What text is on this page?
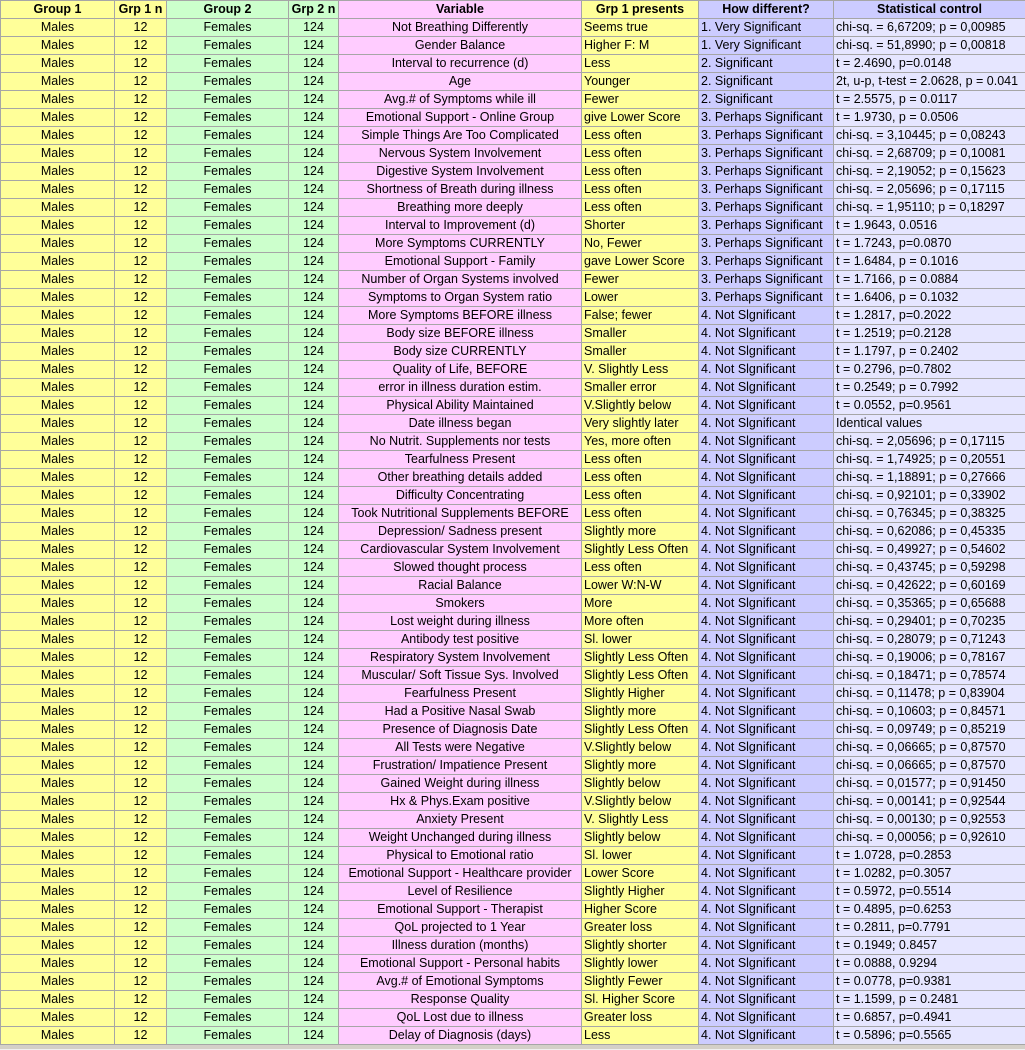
Group 1	Grp 1 n	Group 2	Grp 2 n	Variable	Grp 1 presents	How different?	Statistical control
Males	12	Females	124	Not Breathing Differently	Seems true	1. Very Significant	chi-sq. = 6,67209; p = 0,00985
Males	12	Females	124	Gender Balance	Higher F: M	1. Very Significant	chi-sq. = 51,8990; p = 0,00818
Males	12	Females	124	Interval to recurrence (d)	Less	2. Significant	t = 2.4690, p=0.0148
Males	12	Females	124	Age	Younger	2. Significant	2t, u-p, t-test = 2.0628, p = 0.041
Males	12	Females	124	Avg.# of Symptoms while ill	Fewer	2. Significant	t = 2.5575, p = 0.0117
Males	12	Females	124	Emotional Support - Online Group	give Lower Score	3. Perhaps Significant	t = 1.9730, p = 0.0506
Males	12	Females	124	Simple Things Are Too Complicated	Less often	3. Perhaps Significant	chi-sq. = 3,10445; p = 0,08243
Males	12	Females	124	Nervous System Involvement	Less often	3. Perhaps Significant	chi-sq. = 2,68709; p = 0,10081
Males	12	Females	124	Digestive System Involvement	Less often	3. Perhaps Significant	chi-sq. = 2,19052; p = 0,15623
Males	12	Females	124	Shortness of Breath during illness	Less often	3. Perhaps Significant	chi-sq. = 2,05696; p = 0,17115
Males	12	Females	124	Breathing more deeply	Less often	3. Perhaps Significant	chi-sq. = 1,95110; p = 0,18297
Males	12	Females	124	Interval to Improvement (d)	Shorter	3. Perhaps Significant	t = 1.9643, 0.0516
Males	12	Females	124	More Symptoms CURRENTLY	No, Fewer	3. Perhaps Significant	t = 1.7243, p=0.0870
Males	12	Females	124	Emotional Support - Family	gave Lower Score	3. Perhaps Significant	t = 1.6484, p = 0.1016
Males	12	Females	124	Number of Organ Systems involved	Fewer	3. Perhaps Significant	t = 1.7166, p = 0.0884
Males	12	Females	124	Symptoms to Organ System ratio	Lower	3. Perhaps Significant	t = 1.6406, p = 0.1032
Males	12	Females	124	More Symptoms BEFORE illness	False; fewer	4. Not Slgnificant	t = 1.2817, p=0.2022
Males	12	Females	124	Body size BEFORE illness	Smaller	4. Not Slgnificant	t = 1.2519; p=0.2128
Males	12	Females	124	Body size CURRENTLY	Smaller	4. Not Slgnificant	t = 1.1797, p = 0.2402
Males	12	Females	124	Quality of Life, BEFORE	V. Slightly Less	4. Not Slgnificant	t = 0.2796, p=0.7802
Males	12	Females	124	error in illness duration estim.	Smaller error	4. Not Slgnificant	t = 0.2549; p = 0.7992
Males	12	Females	124	Physical Ability Maintained	V.Slightly below	4. Not Slgnificant	t = 0.0552, p=0.9561
Males	12	Females	124	Date illness began	Very slightly later	4. Not Slgnificant	Identical values
Males	12	Females	124	No Nutrit. Supplements nor tests	Yes, more often	4. Not Slgnificant	chi-sq. = 2,05696; p = 0,17115
Males	12	Females	124	Tearfulness Present	Less often	4. Not Slgnificant	chi-sq. = 1,74925; p = 0,20551
Males	12	Females	124	Other breathing details added	Less often	4. Not Slgnificant	chi-sq. = 1,18891; p = 0,27666
Males	12	Females	124	Difficulty Concentrating	Less often	4. Not Slgnificant	chi-sq. = 0,92101; p = 0,33902
Males	12	Females	124	Took Nutritional Supplements BEFORE	Less often	4. Not Slgnificant	chi-sq. = 0,76345; p = 0,38325
Males	12	Females	124	Depression/ Sadness present	Slightly more	4. Not Slgnificant	chi-sq. = 0,62086; p = 0,45335
Males	12	Females	124	Cardiovascular System Involvement	Slightly Less Often	4. Not Slgnificant	chi-sq. = 0,49927; p = 0,54602
Males	12	Females	124	Slowed thought process	Less often	4. Not Slgnificant	chi-sq. = 0,43745; p = 0,59298
Males	12	Females	124	Racial Balance	Lower W:N-W	4. Not Slgnificant	chi-sq. = 0,42622; p = 0,60169
Males	12	Females	124	Smokers	More	4. Not Slgnificant	chi-sq. = 0,35365; p = 0,65688
Males	12	Females	124	Lost weight during illness	More often	4. Not Slgnificant	chi-sq. = 0,29401; p = 0,70235
Males	12	Females	124	Antibody test positive	Sl. lower	4. Not Slgnificant	chi-sq. = 0,28079; p = 0,71243
Males	12	Females	124	Respiratory System Involvement	Slightly Less Often	4. Not Slgnificant	chi-sq. = 0,19006; p = 0,78167
Males	12	Females	124	Muscular/ Soft Tissue Sys. Involved	Slightly Less Often	4. Not Slgnificant	chi-sq. = 0,18471; p = 0,78574
Males	12	Females	124	Fearfulness Present	Slightly Higher	4. Not Slgnificant	chi-sq. = 0,11478; p = 0,83904
Males	12	Females	124	Had a Positive Nasal Swab	Slightly more	4. Not Slgnificant	chi-sq. = 0,10603; p = 0,84571
Males	12	Females	124	Presence of Diagnosis Date	Slightly Less Often	4. Not Slgnificant	chi-sq. = 0,09749; p = 0,85219
Males	12	Females	124	All Tests were Negative	V.Slightly below	4. Not Slgnificant	chi-sq. = 0,06665; p = 0,87570
Males	12	Females	124	Frustration/ Impatience Present	Slightly more	4. Not Slgnificant	chi-sq. = 0,06665; p = 0,87570
Males	12	Females	124	Gained Weight during illness	Slightly below	4. Not Slgnificant	chi-sq. = 0,01577; p = 0,91450
Males	12	Females	124	Hx & Phys.Exam positive	V.Slightly below	4. Not Slgnificant	chi-sq. = 0,00141; p = 0,92544
Males	12	Females	124	Anxiety Present	V. Slightly Less	4. Not Slgnificant	chi-sq. = 0,00130; p = 0,92553
Males	12	Females	124	Weight Unchanged during illness	Slightly below	4. Not Slgnificant	chi-sq. = 0,00056; p = 0,92610
Males	12	Females	124	Physical to Emotional ratio	Sl. lower	4. Not Slgnificant	t = 1.0728, p=0.2853
Males	12	Females	124	Emotional Support - Healthcare provider	Lower Score	4. Not Slgnificant	t = 1.0282, p=0.3057
Males	12	Females	124	Level of Resilience	Slightly Higher	4. Not Slgnificant	t = 0.5972, p=0.5514
Males	12	Females	124	Emotional Support - Therapist	Higher Score	4. Not Slgnificant	t = 0.4895, p=0.6253
Males	12	Females	124	QoL projected to 1 Year	Greater loss	4. Not Slgnificant	t = 0.2811, p=0.7791
Males	12	Females	124	Illness duration (months)	Slightly shorter	4. Not Slgnificant	t = 0.1949; 0.8457
Males	12	Females	124	Emotional Support - Personal habits	Slightly lower	4. Not Slgnificant	t = 0.0888, 0.9294
Males	12	Females	124	Avg.# of Emotional Symptoms	Slightly Fewer	4. Not Slgnificant	t = 0.0778, p=0.9381
Males	12	Females	124	Response Quality	Sl. Higher Score	4. Not Slgnificant	t = 1.1599, p = 0.2481
Males	12	Females	124	QoL Lost due to illness	Greater loss	4. Not Slgnificant	t = 0.6857, p=0.4941
Males	12	Females	124	Delay of Diagnosis (days)	Less	4. Not Slgnificant	t = 0.5896; p=0.5565
